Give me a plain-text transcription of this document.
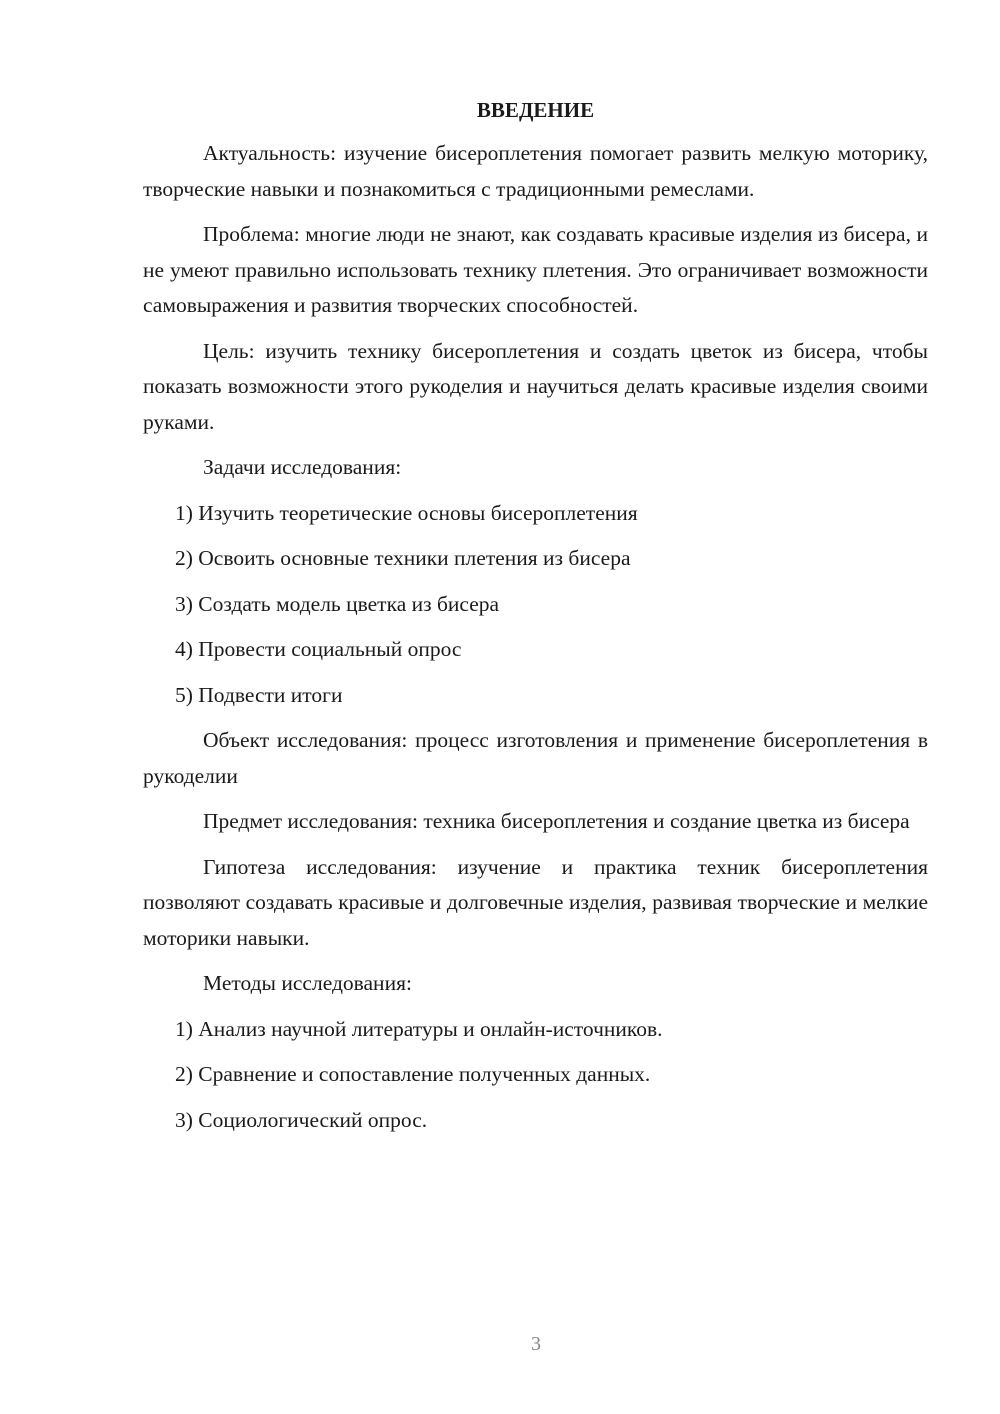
ВВЕДЕНИЕ

Актуальность: изучение бисероплетения помогает развить мелкую моторику, творческие навыки и познакомиться с традиционными ремеслами.

Проблема: многие люди не знают, как создавать красивые изделия из бисера, и не умеют правильно использовать технику плетения. Это ограничивает возможности самовыражения и развития творческих способностей.

Цель: изучить технику бисероплетения и создать цветок из бисера, чтобы показать возможности этого рукоделия и научиться делать красивые изделия своими руками.

Задачи исследования:

1) Изучить теоретические основы бисероплетения
2) Освоить основные техники плетения из бисера
3) Создать модель цветка из бисера
4) Провести социальный опрос
5) Подвести итоги

Объект исследования: процесс изготовления и применение бисероплетения в рукоделии

Предмет исследования: техника бисероплетения и создание цветка из бисера

Гипотеза исследования: изучение и практика техник бисероплетения позволяют создавать красивые и долговечные изделия, развивая творческие и мелкие моторики навыки.

Методы исследования:

1) Анализ научной литературы и онлайн-источников.
2) Сравнение и сопоставление полученных данных.
3) Социологический опрос.
3
